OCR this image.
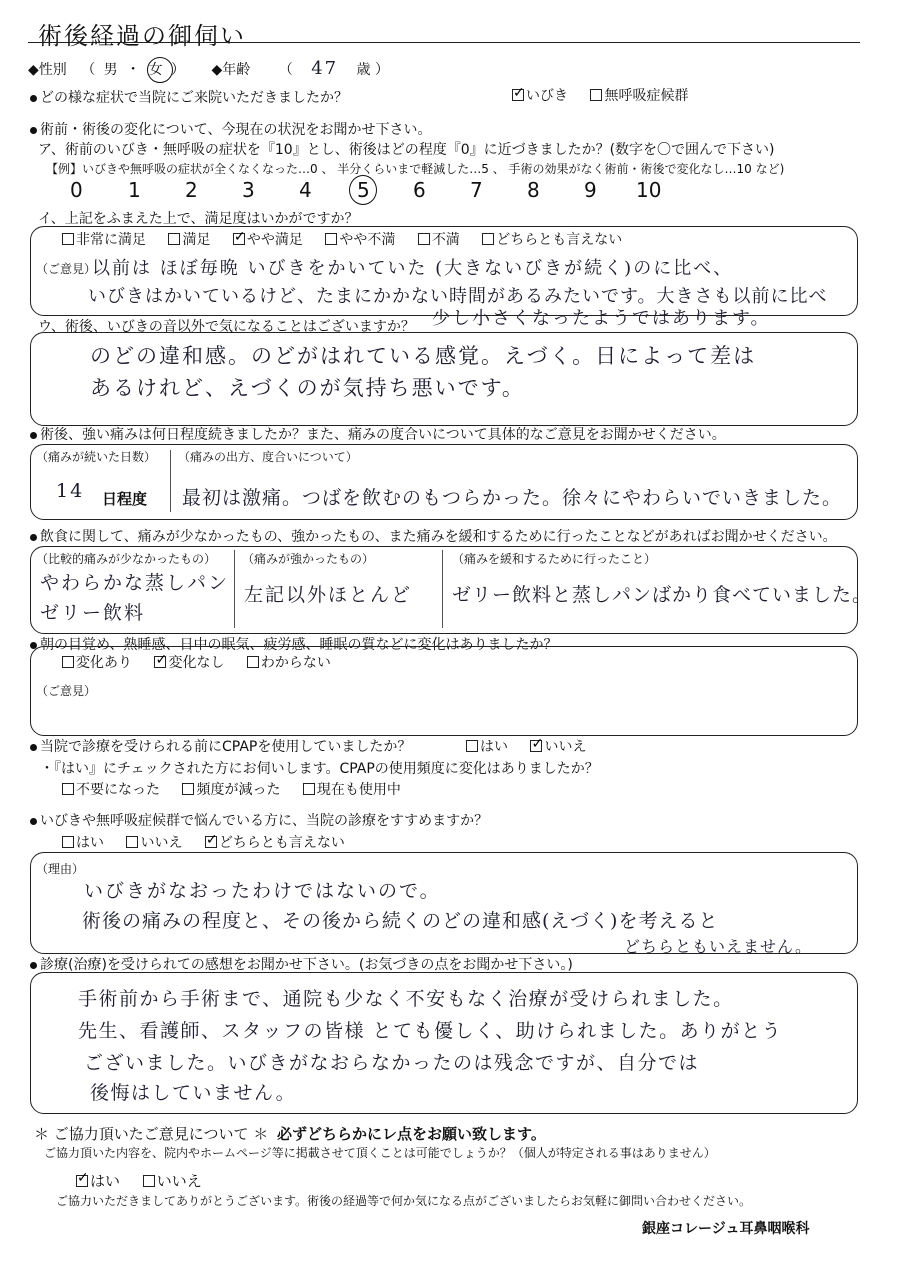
術後経過の御伺い
◆性別 （ 男 ・ 女 ） ◆年齢 （ 47 歳 ）
どの様な症状で当院にご来院いただきましたか？ ✓	いびき	無呼吸症候群
術前・術後の変化について、今現在の状況をお聞かせ下さい。
ア、術前のいびき・無呼吸の症状を『10』とし、術後はどの程度『0』に近づきましたか？(数字を〇で囲んで下さい)
【例】いびきや無呼吸の症状が全くなくなった…0 、 半分くらいまで軽減した…5 、 手術の効果がなく術前・術後で変化なし…10 など)
0 1 2 3 4 5 6 7 8 9 10
イ、上記をふまえた上で、満足度はいかがですか？
非常に満足	満足 ✓	やや満足	やや不満	不満	どちらとも言えない
（ご意見）
以前は ほぼ毎晩 いびきをかいていた (大きないびきが続く)のに比べ、
いびきはかいているけど、たまにかかない時間があるみたいです。大きさも以前に比べ
ウ、術後、いびきの音以外で気になることはございますか？ 少し小さくなったようではあります。
のどの違和感。のどがはれている感覚。えづく。日によって差は
あるけれど、えづくのが気持ち悪いです。
術後、強い痛みは何日程度続きましたか？また、痛みの度合いについて具体的なご意見をお聞かせください。
（痛みが続いた日数）
14 日程度
（痛みの出方、度合いについて）
最初は激痛。つばを飲むのもつらかった。徐々にやわらいでいきました。
飲食に関して、痛みが少なかったもの、強かったもの、また痛みを緩和するために行ったことなどがあればお聞かせください。
（比較的痛みが少なかったもの）
やわらかな蒸しパン
ゼリー飲料
（痛みが強かったもの）
左記以外ほとんど
（痛みを緩和するために行ったこと）
ゼリー飲料と蒸しパンばかり食べていました。
朝の目覚め、熟睡感、日中の眠気、疲労感、睡眠の質などに変化はありましたか？
変化あり ✓	変化なし	わからない
（ご意見）
当院で診療を受けられる前にCPAPを使用していましたか？	はい ✓	いいえ
・『はい』にチェックされた方にお伺いします。CPAPの使用頻度に変化はありましたか？
不要になった	頻度が減った	現在も使用中
いびきや無呼吸症候群で悩んでいる方に、当院の診療をすすめますか？
はい	いいえ ✓	どちらとも言えない
（理由）
いびきがなおったわけではないので。
術後の痛みの程度と、その後から続くのどの違和感(えづく)を考えると
どちらともいえません。
診療(治療)を受けられての感想をお聞かせ下さい。(お気づきの点をお聞かせ下さい。)
手術前から手術まで、通院も少なく不安もなく治療が受けられました。
先生、看護師、スタッフの皆様 とても優しく、助けられました。ありがとう
ございました。いびきがなおらなかったのは残念ですが、自分では
後悔はしていません。
＊ ご協力頂いたご意見について ＊ 必ずどちらかにレ点をお願い致します。
ご協力頂いた内容を、院内やホームページ等に掲載させて頂くことは可能でしょうか？（個人が特定される事はありません）
✓はい いいえ
ご協力いただきましてありがとうございます。術後の経過等で何か気になる点がございましたらお気軽に御問い合わせください。
銀座コレージュ耳鼻咽喉科
